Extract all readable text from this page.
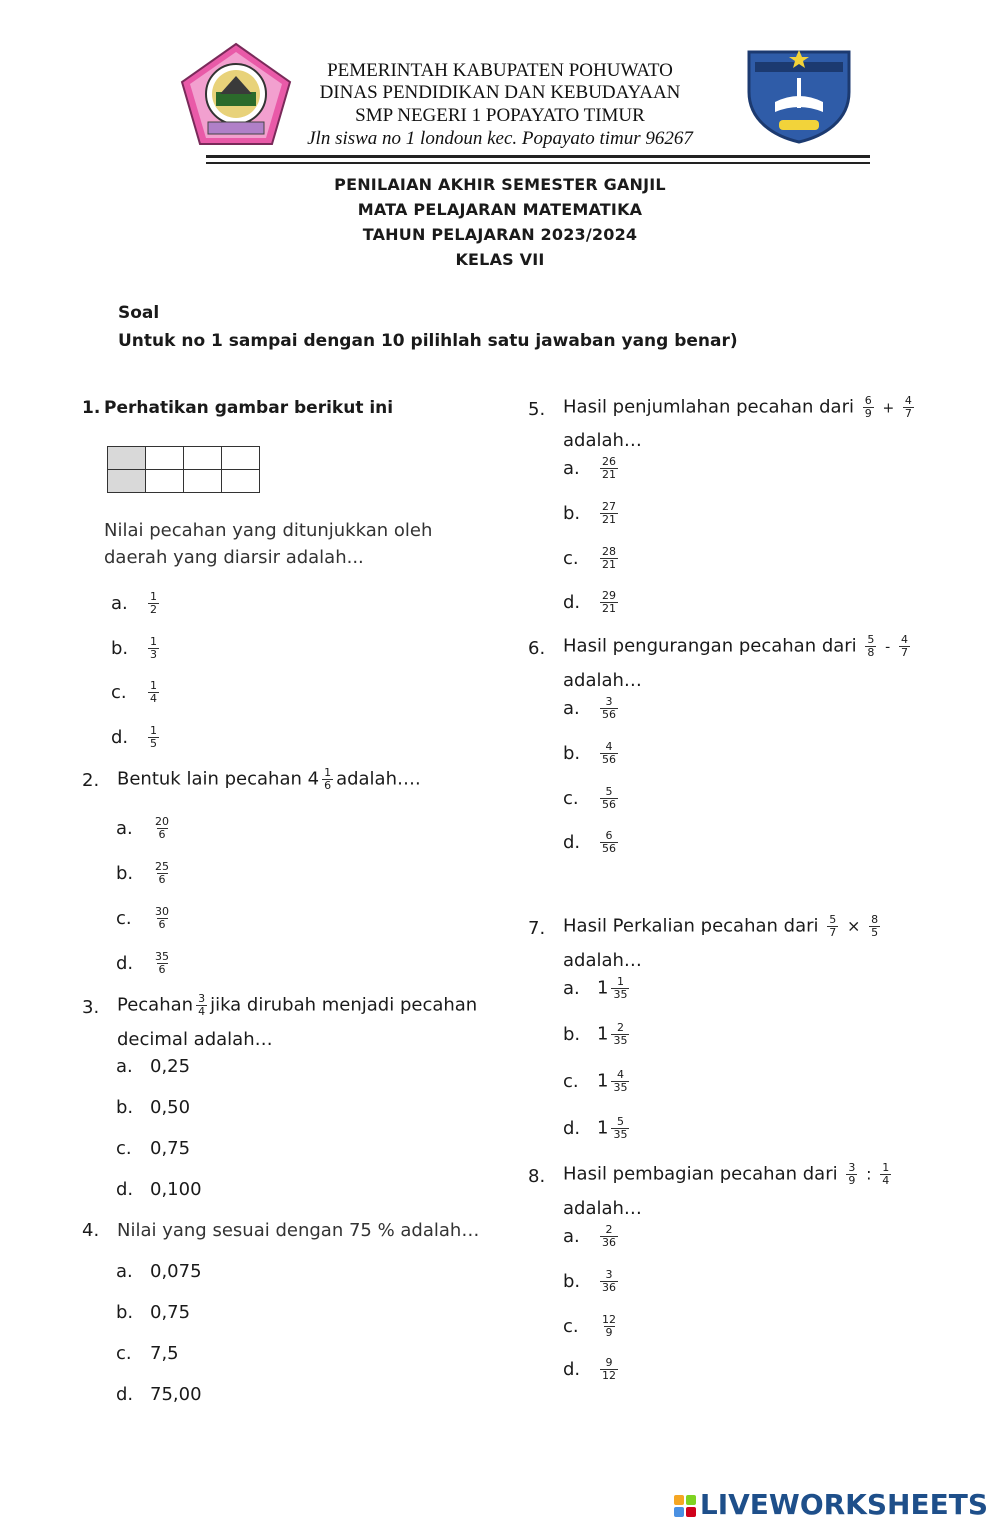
PEMERINTAH KABUPATEN POHUWATO
DINAS PENDIDIKAN DAN KEBUDAYAAN
SMP NEGERI 1 POPAYATO TIMUR
Jln siswa no 1 londoun kec. Popayato timur 96267
PENILAIAN AKHIR SEMESTER GANJIL
MATA PELAJARAN MATEMATIKA
TAHUN PELAJARAN 2023/2024
KELAS VII
Soal
Untuk no 1 sampai dengan 10 pilihlah satu jawaban yang benar)
1. Perhatikan gambar berikut ini

Nilai pecahan yang ditunjukkan oleh
daerah yang diarsir adalah...
a. $\frac{1}{2}$
b. $\frac{1}{3}$
c. $\frac{1}{4}$
d. $\frac{1}{5}$
2. Bentuk lain pecahan $4 \frac{1}{6}$ adalah….
a. $\frac{20}{6}$
b. $\frac{25}{6}$
c. $\frac{30}{6}$
d. $\frac{35}{6}$
3. Pecahan $\frac{3}{4}$ jika dirubah menjadi pecahan
decimal adalah…
a. 0,25
b. 0,50
c. 0,75
d. 0,100
4. Nilai yang sesuai dengan 75 % adalah…
a. 0,075
b. 0,75
c. 7,5
d. 75,00
5. Hasil penjumlahan pecahan dari $\frac{6}{9} + \frac{4}{7}$
adalah…
a. $\frac{26}{21}$
b. $\frac{27}{21}$
c. $\frac{28}{21}$
d. $\frac{29}{21}$
6. Hasil pengurangan pecahan dari $\frac{5}{8} - \frac{4}{7}$
adalah…
a. $\frac{3}{56}$
b. $\frac{4}{56}$
c. $\frac{5}{56}$
d. $\frac{6}{56}$
7. Hasil Perkalian pecahan dari $\frac{5}{7} \times \frac{8}{5}$
adalah…
a. $1 \frac{1}{35}$
b. $1 \frac{2}{35}$
c. $1 \frac{4}{35}$
d. $1 \frac{5}{35}$
8. Hasil pembagian pecahan dari $\frac{3}{9}$ : $\frac{1}{4}$
adalah…
a. $\frac{2}{36}$
b. $\frac{3}{36}$
c. $\frac{12}{9}$
d. $\frac{9}{12}$
LIVEWORKSHEETS
